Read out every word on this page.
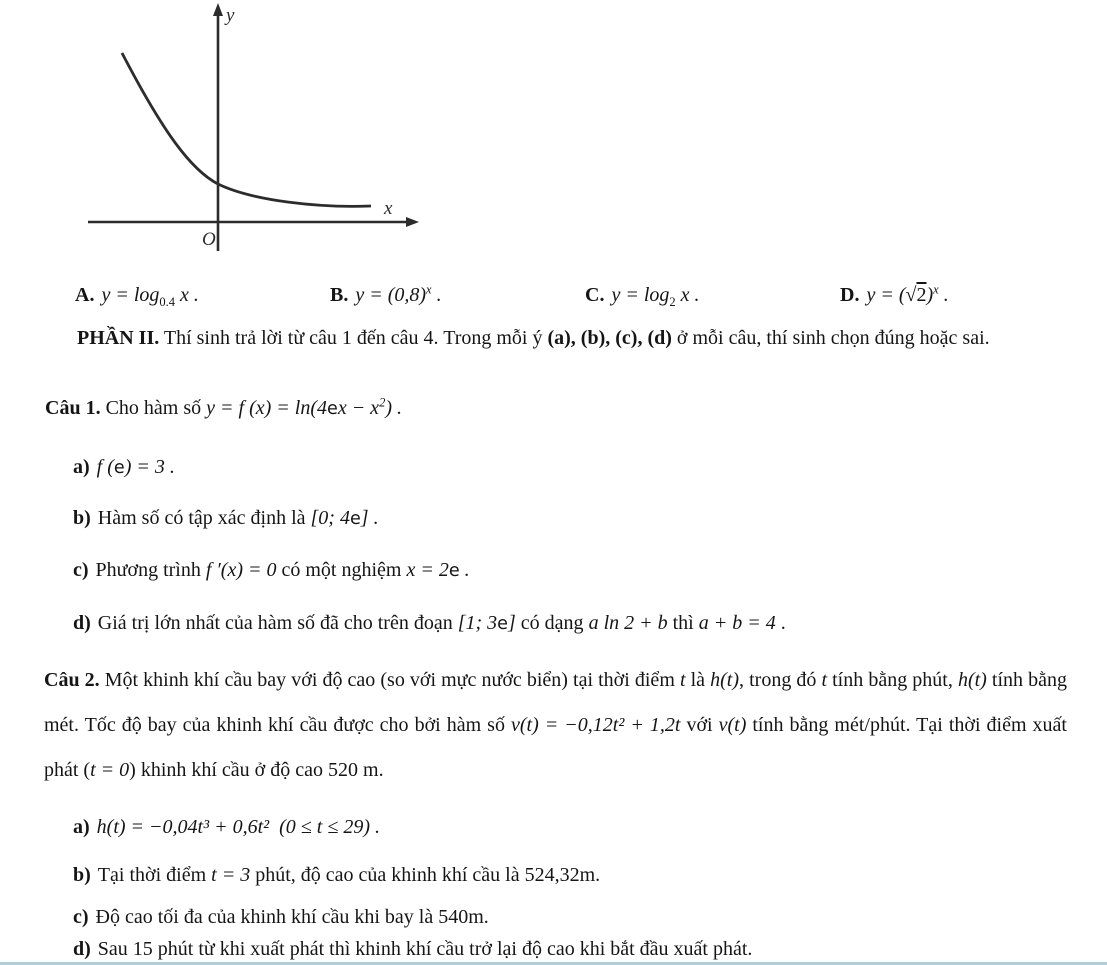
y
x
O
A. $y = \log_{0.4} x$ .	B. $y = (0,8)^x$ .	C. $y = \log_2 x$ .	D. $y = (√2)^x$ .
PHẦN II. Thí sinh trả lời từ câu 1 đến câu 4. Trong mỗi ý (a), (b), (c), (d) ở mỗi câu, thí sinh chọn đúng hoặc sai.
Câu 1. Cho hàm số y = f $(x) = \ln(4ex - x^2)$ .
a) f (e) = 3 .
b) Hàm số có tập xác định là [0; 4e] .
c) Phương trình f ′(x) = 0 có một nghiệm x = 2e .
d) Giá trị lớn nhất của hàm số đã cho trên đoạn [1; 3e] có dạng a ln 2 + b thì a + b = 4 .
Câu 2. Một khinh khí cầu bay với độ cao (so với mực nước biển) tại thời điểm t là h(t), trong đó t tính bằng phút, h(t) tính bằng mét. Tốc độ bay của khinh khí cầu được cho bởi hàm số v(t) = −0,12t² + 1,2t với v(t) tính bằng mét/phút. Tại thời điểm xuất phát (t = 0) khinh khí cầu ở độ cao 520 m.
a) h(t) = −0,04t³ + 0,6t²  (0 ≤ t ≤ 29) .
b) Tại thời điểm t = 3 phút, độ cao của khinh khí cầu là 524,32m.
c) Độ cao tối đa của khinh khí cầu khi bay là 540m.
d) Sau 15 phút từ khi xuất phát thì khinh khí cầu trở lại độ cao khi bắt đầu xuất phát.
